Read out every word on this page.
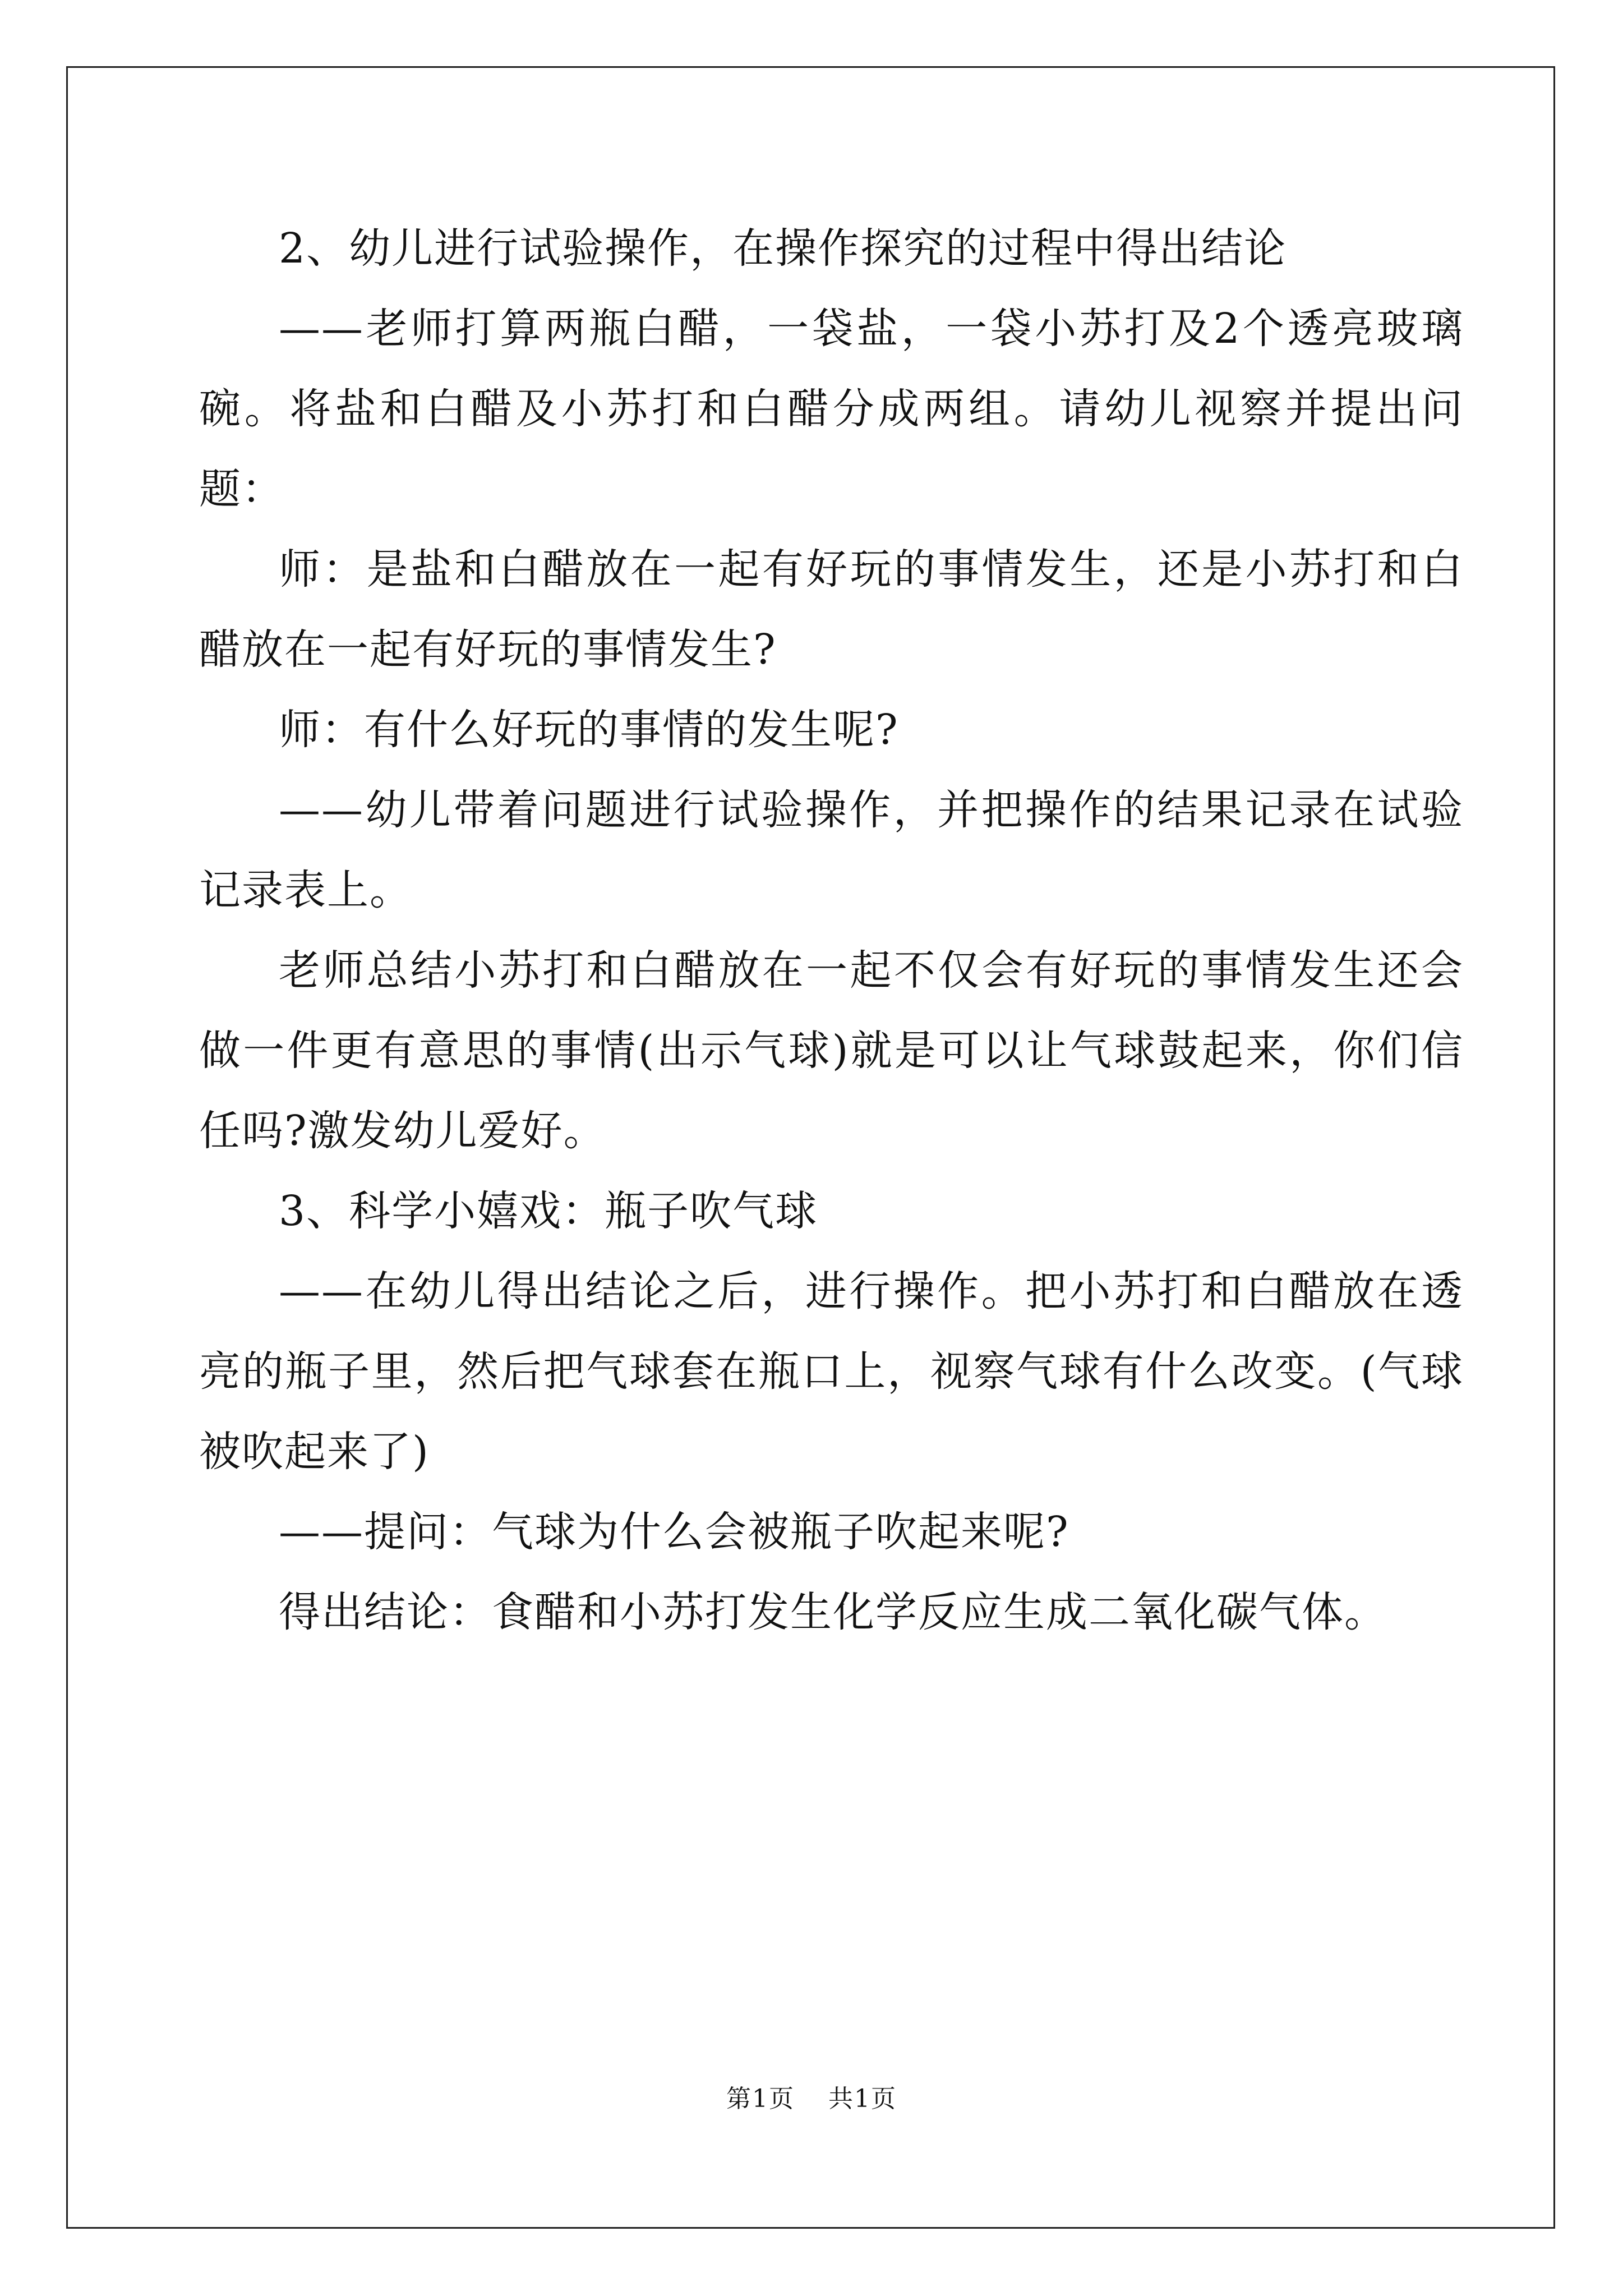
2、幼儿进行试验操作，在操作探究的过程中得出结论

——老师打算两瓶白醋，一袋盐，一袋小苏打及2个透亮玻璃碗。将盐和白醋及小苏打和白醋分成两组。请幼儿视察并提出问题：

师：是盐和白醋放在一起有好玩的事情发生，还是小苏打和白醋放在一起有好玩的事情发生?

师：有什么好玩的事情的发生呢?

——幼儿带着问题进行试验操作，并把操作的结果记录在试验记录表上。

老师总结小苏打和白醋放在一起不仅会有好玩的事情发生还会做一件更有意思的事情(出示气球)就是可以让气球鼓起来，你们信任吗?激发幼儿爱好。

3、科学小嬉戏：瓶子吹气球

——在幼儿得出结论之后，进行操作。把小苏打和白醋放在透亮的瓶子里，然后把气球套在瓶口上，视察气球有什么改变。(气球被吹起来了)

——提问：气球为什么会被瓶子吹起来呢?

得出结论：食醋和小苏打发生化学反应生成二氧化碳气体。

第1页 共1页
